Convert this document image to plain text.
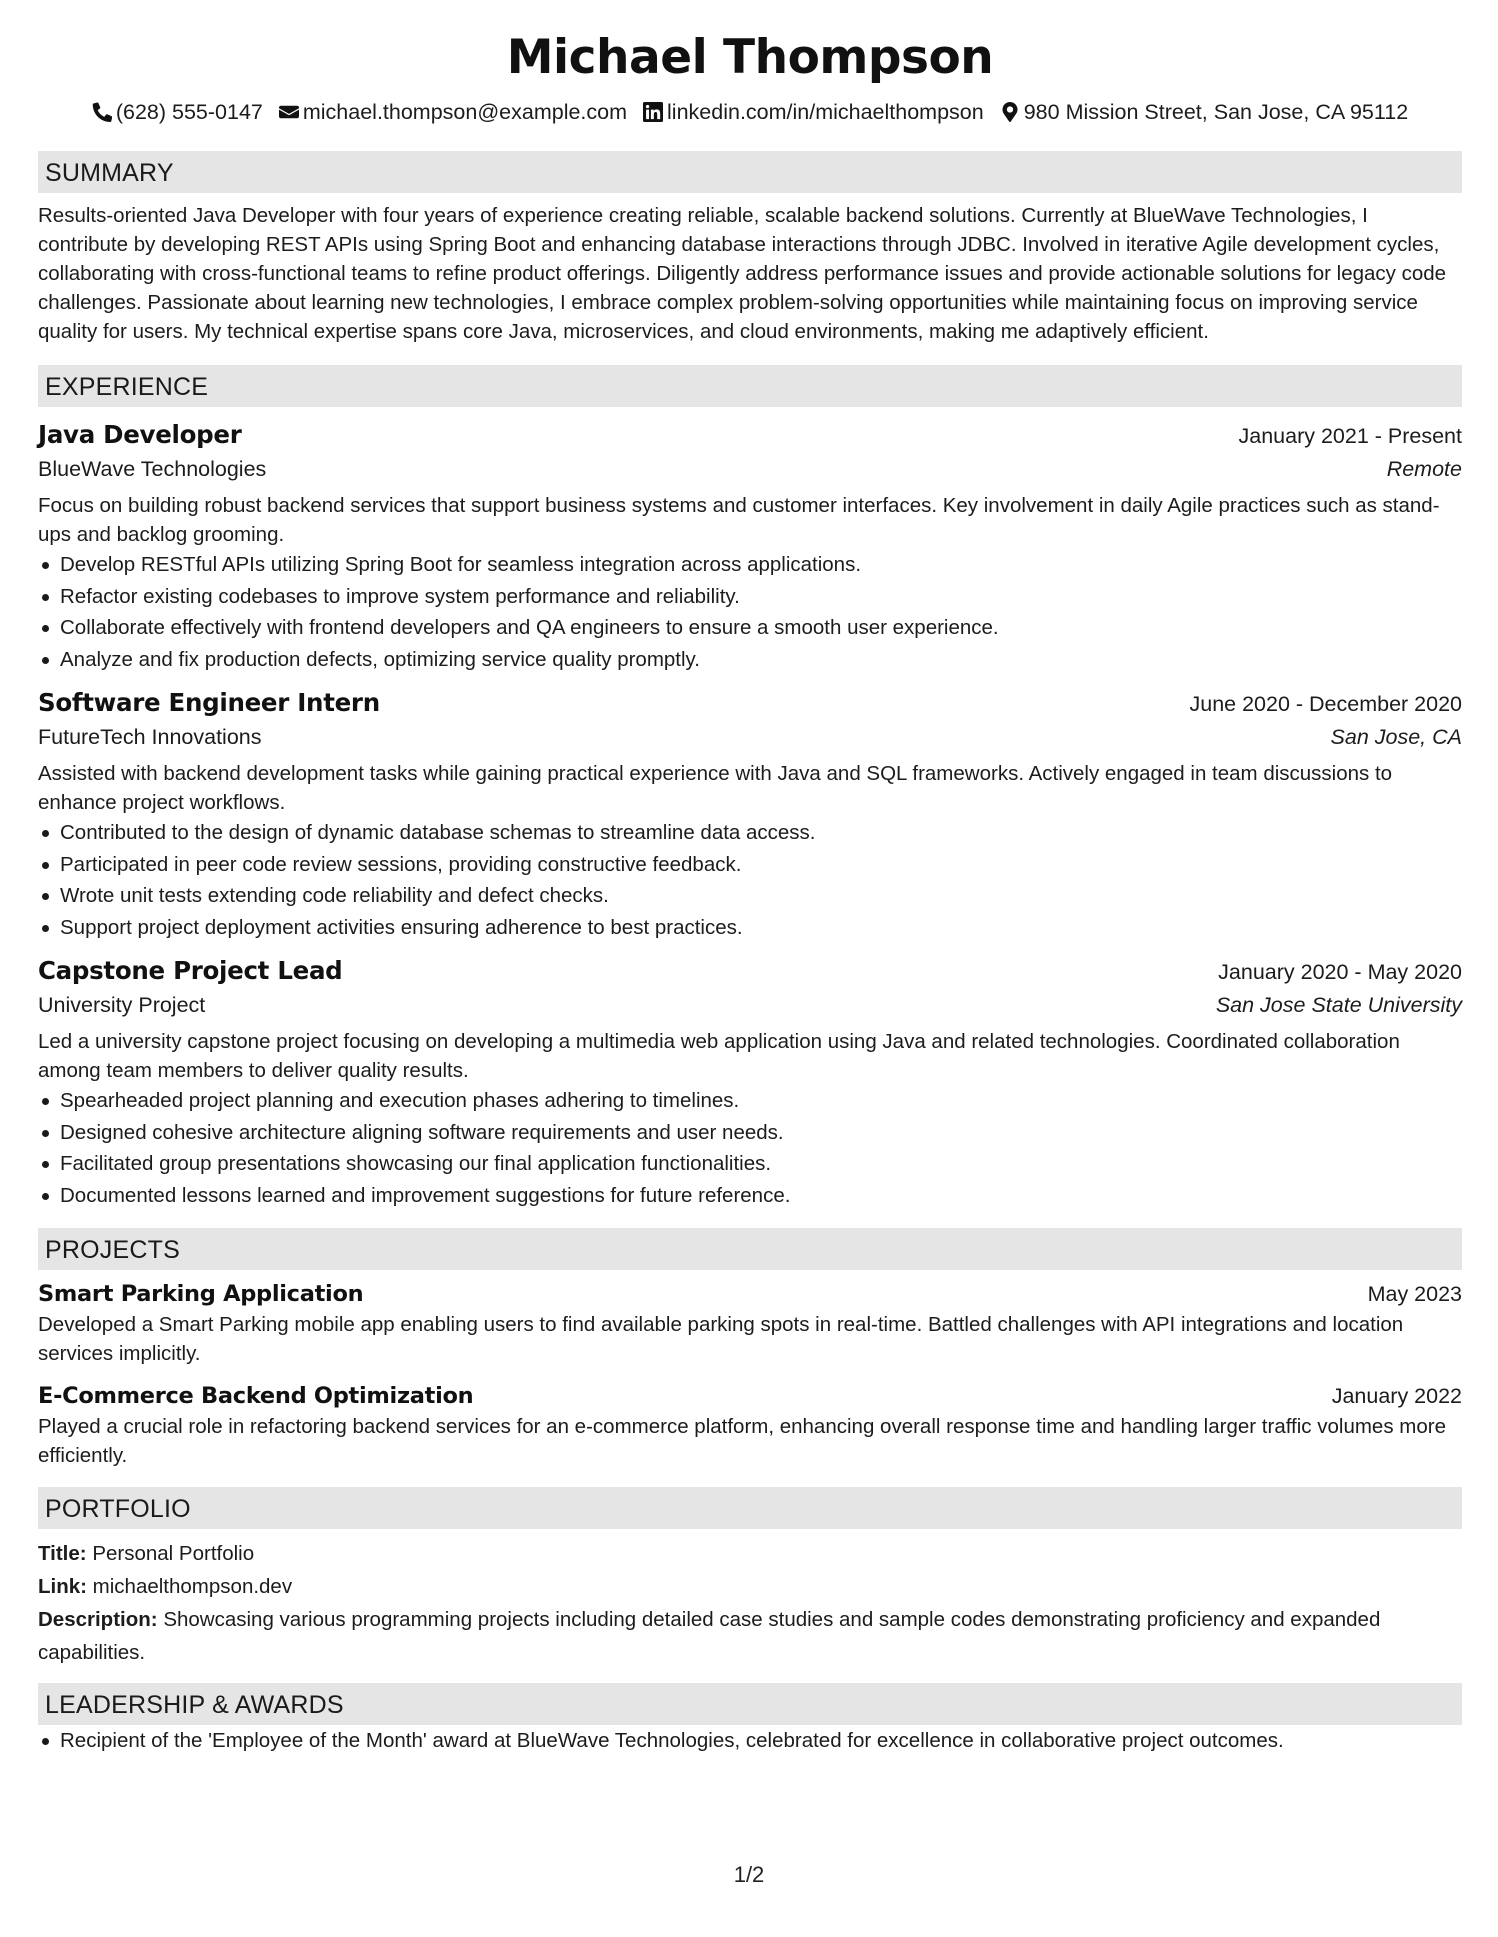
Michael Thompson
(628) 555-0147 michael.thompson@example.com linkedin.com/in/michaelthompson 980 Mission Street, San Jose, CA 95112
SUMMARY

Results-oriented Java Developer with four years of experience creating reliable, scalable backend solutions. Currently at BlueWave Technologies, I contribute by developing REST APIs using Spring Boot and enhancing database interactions through JDBC. Involved in iterative Agile development cycles, collaborating with cross-functional teams to refine product offerings. Diligently address performance issues and provide actionable solutions for legacy code challenges. Passionate about learning new technologies, I embrace complex problem-solving opportunities while maintaining focus on improving service quality for users. My technical expertise spans core Java, microservices, and cloud environments, making me adaptively efficient.

EXPERIENCE
Java Developer	January 2021 - Present
BlueWave Technologies	Remote

Focus on building robust backend services that support business systems and customer interfaces. Key involvement in daily Agile practices such as stand-ups and backlog grooming.

Develop RESTful APIs utilizing Spring Boot for seamless integration across applications.
Refactor existing codebases to improve system performance and reliability.
Collaborate effectively with frontend developers and QA engineers to ensure a smooth user experience.
Analyze and fix production defects, optimizing service quality promptly.
Software Engineer Intern	June 2020 - December 2020
FutureTech Innovations	San Jose, CA

Assisted with backend development tasks while gaining practical experience with Java and SQL frameworks. Actively engaged in team discussions to enhance project workflows.

Contributed to the design of dynamic database schemas to streamline data access.
Participated in peer code review sessions, providing constructive feedback.
Wrote unit tests extending code reliability and defect checks.
Support project deployment activities ensuring adherence to best practices.
Capstone Project Lead	January 2020 - May 2020
University Project	San Jose State University

Led a university capstone project focusing on developing a multimedia web application using Java and related technologies. Coordinated collaboration among team members to deliver quality results.

Spearheaded project planning and execution phases adhering to timelines.
Designed cohesive architecture aligning software requirements and user needs.
Facilitated group presentations showcasing our final application functionalities.
Documented lessons learned and improvement suggestions for future reference.
PROJECTS
Smart Parking Application	May 2023

Developed a Smart Parking mobile app enabling users to find available parking spots in real-time. Battled challenges with API integrations and location services implicitly.

E-Commerce Backend Optimization	January 2022

Played a crucial role in refactoring backend services for an e-commerce platform, enhancing overall response time and handling larger traffic volumes more efficiently.

PORTFOLIO
Title: Personal Portfolio
Link: michaelthompson.dev
Description: Showcasing various programming projects including detailed case studies and sample codes demonstrating proficiency and expanded capabilities.
LEADERSHIP & AWARDS
Recipient of the 'Employee of the Month' award at BlueWave Technologies, celebrated for excellence in collaborative project outcomes.
1/2
